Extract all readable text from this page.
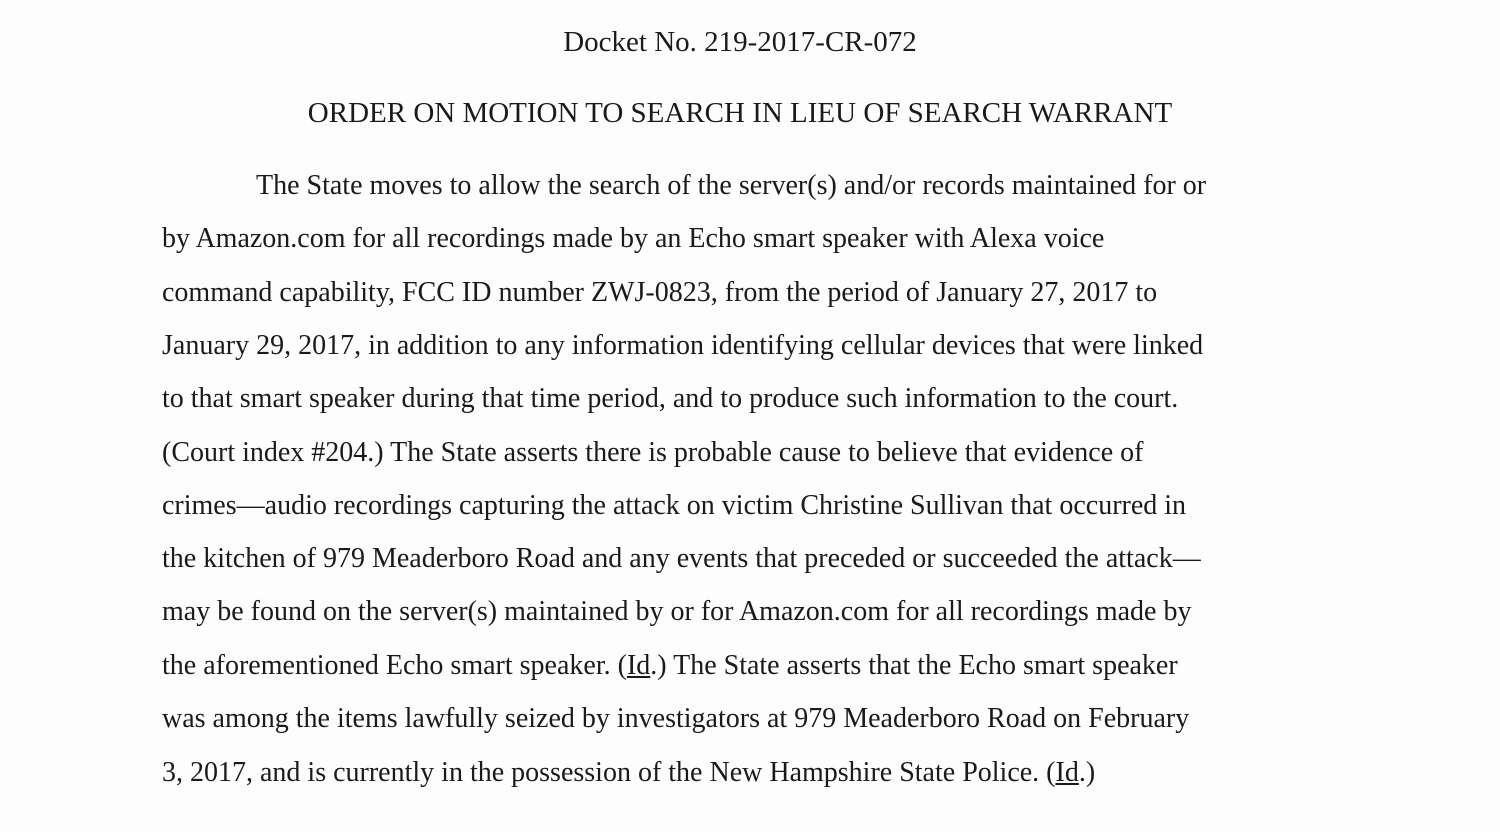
Docket No. 219-2017-CR-072

ORDER ON MOTION TO SEARCH IN LIEU OF SEARCH WARRANT

The State moves to allow the search of the server(s) and/or records maintained for or

by Amazon.com for all recordings made by an Echo smart speaker with Alexa voice

command capability, FCC ID number ZWJ-0823, from the period of January 27, 2017 to

January 29, 2017, in addition to any information identifying cellular devices that were linked

to that smart speaker during that time period, and to produce such information to the court.

(Court index #204.) The State asserts there is probable cause to believe that evidence of

crimes—audio recordings capturing the attack on victim Christine Sullivan that occurred in

the kitchen of 979 Meaderboro Road and any events that preceded or succeeded the attack—

may be found on the server(s) maintained by or for Amazon.com for all recordings made by

the aforementioned Echo smart speaker. (Id.) The State asserts that the Echo smart speaker

was among the items lawfully seized by investigators at 979 Meaderboro Road on February

3, 2017, and is currently in the possession of the New Hampshire State Police. (Id.)
